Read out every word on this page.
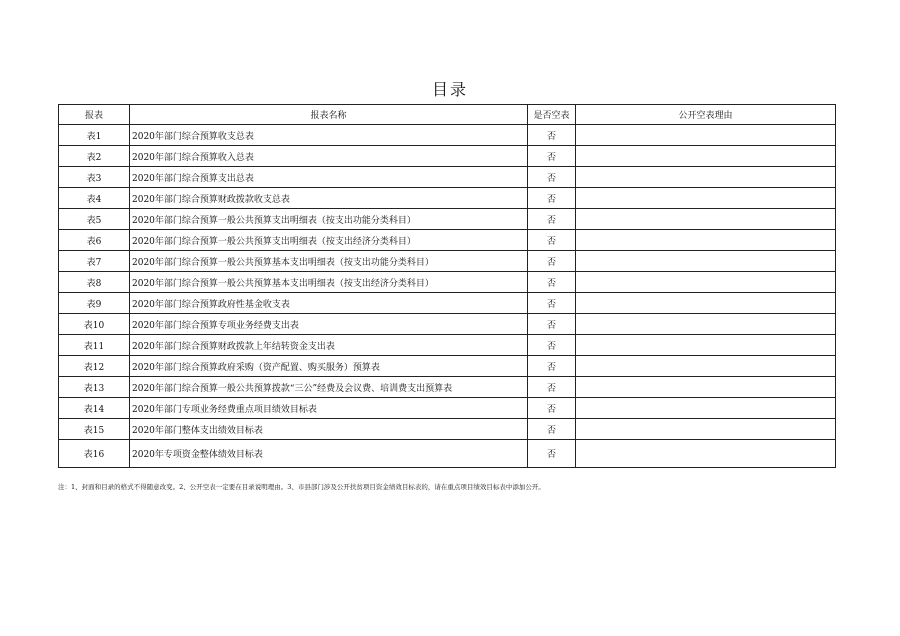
目录
报表	报表名称	是否空表	公开空表理由
表1	2020年部门综合预算收支总表	否	
表2	2020年部门综合预算收入总表	否	
表3	2020年部门综合预算支出总表	否	
表4	2020年部门综合预算财政拨款收支总表	否	
表5	2020年部门综合预算一般公共预算支出明细表（按支出功能分类科目）	否	
表6	2020年部门综合预算一般公共预算支出明细表（按支出经济分类科目）	否	
表7	2020年部门综合预算一般公共预算基本支出明细表（按支出功能分类科目）	否	
表8	2020年部门综合预算一般公共预算基本支出明细表（按支出经济分类科目）	否	
表9	2020年部门综合预算政府性基金收支表	否	
表10	2020年部门综合预算专项业务经费支出表	否	
表11	2020年部门综合预算财政拨款上年结转资金支出表	否	
表12	2020年部门综合预算政府采购（资产配置、购买服务）预算表	否	
表13	2020年部门综合预算一般公共预算拨款“三公”经费及会议费、培训费支出预算表	否	
表14	2020年部门专项业务经费重点项目绩效目标表	否	
表15	2020年部门整体支出绩效目标表	否	
表16	2020年专项资金整体绩效目标表	否	
注：1、封面和目录的格式不得随意改变。2、公开空表一定要在目录说明理由。3、市县部门涉及公开扶贫项目资金绩效目标表的，请在重点项目绩效目标表中添加公开。
